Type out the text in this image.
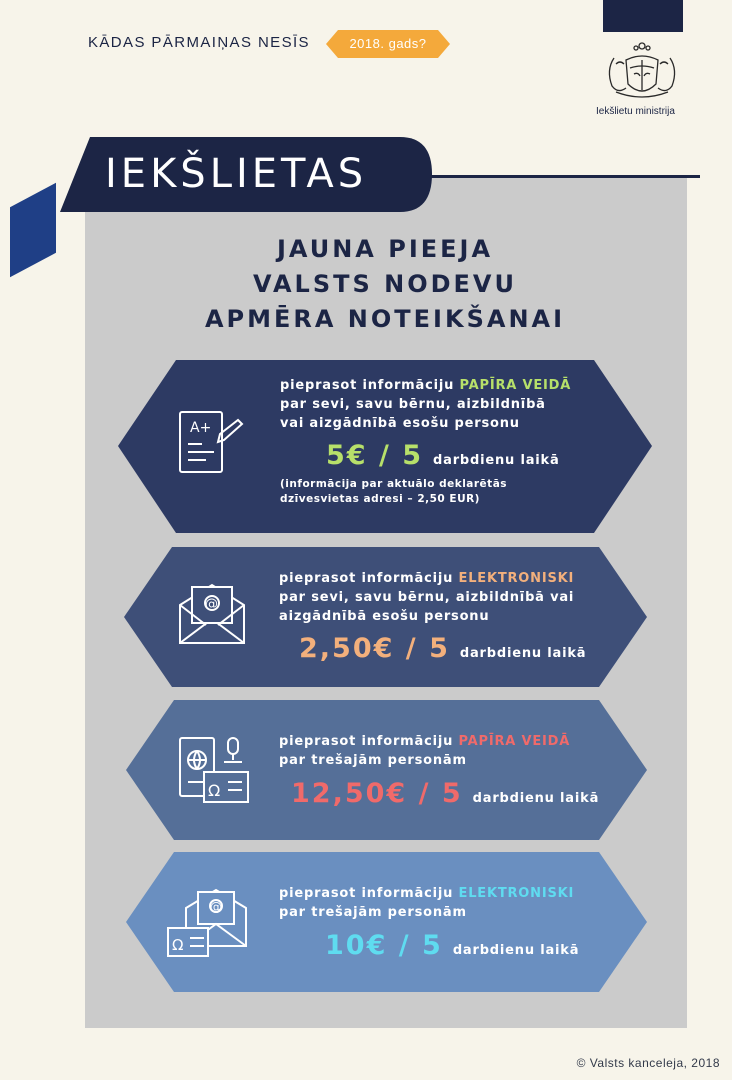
KĀDAS PĀRMAIŅAS NESĪS	2018. gads?
Iekšlietu ministrija
IEKŠLIETAS
JAUNA PIEEJA
VALSTS NODEVU
APMĒRA NOTEIKŠANAI
A+
pieprasot informāciju PAPĪRA VEIDĀ
par sevi, savu bērnu, aizbildnībā
vai aizgādnībā esošu personu
5€ / 5 darbdienu laikā
(informācija par aktuālo deklarētās
dzīvesvietas adresi – 2,50 EUR)
@
pieprasot informāciju ELEKTRONISKI
par sevi, savu bērnu, aizbildnībā vai
aizgādnībā esošu personu
2,50€ / 5 darbdienu laikā
Ω
pieprasot informāciju PAPĪRA VEIDĀ
par trešajām personām
12,50€ / 5 darbdienu laikā
@
Ω
pieprasot informāciju ELEKTRONISKI
par trešajām personām
10€ / 5 darbdienu laikā
© Valsts kanceleja, 2018
